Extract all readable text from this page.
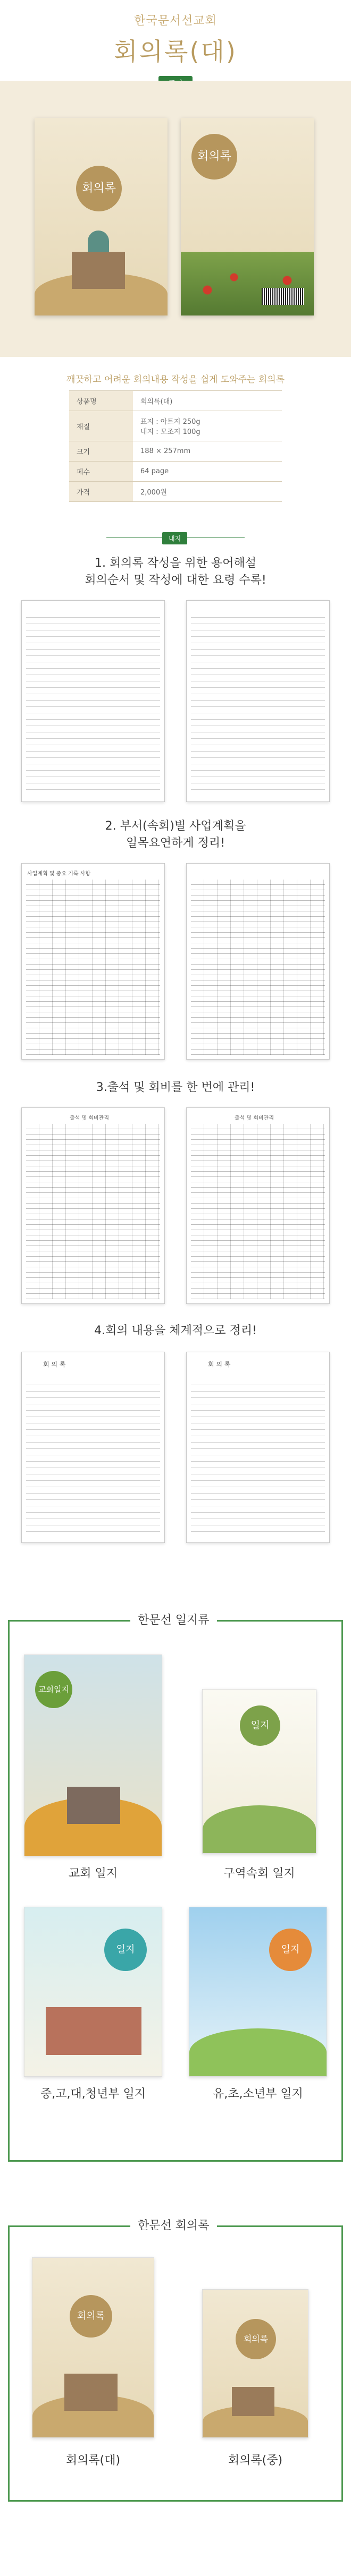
한국문서선교회
회의록(대)
회의록
회의록
깨끗하고 어려운 회의내용 작성을 쉽게 도와주는 회의록
상품명	회의록(대)
재질	표지 : 아트지 250g
내지 : 모조지 100g

크기	188 × 257mm
페수	64 page
가격	2,000원
내지
1. 회의록 작성을 위한 용어해설
회의순서 및 작성에 대한 요령 수록!
2. 부서(속회)별 사업계획을
일목요연하게 정리!
사업계획 및 중요 기록 사항
3.출석 및 회비를 한 번에 관리!
출석 및 회비관리	출석 및 회비관리
4.회의 내용을 체계적으로 정리!
회 의 록	회 의 록
한문선 일지류
교회일지
교회 일지
일지
구역속회 일지
일지
중,고,대,청년부 일지
일지
유,초,소년부 일지
한문선 회의록
회의록
회의록(대)
회의록
회의록(중)
